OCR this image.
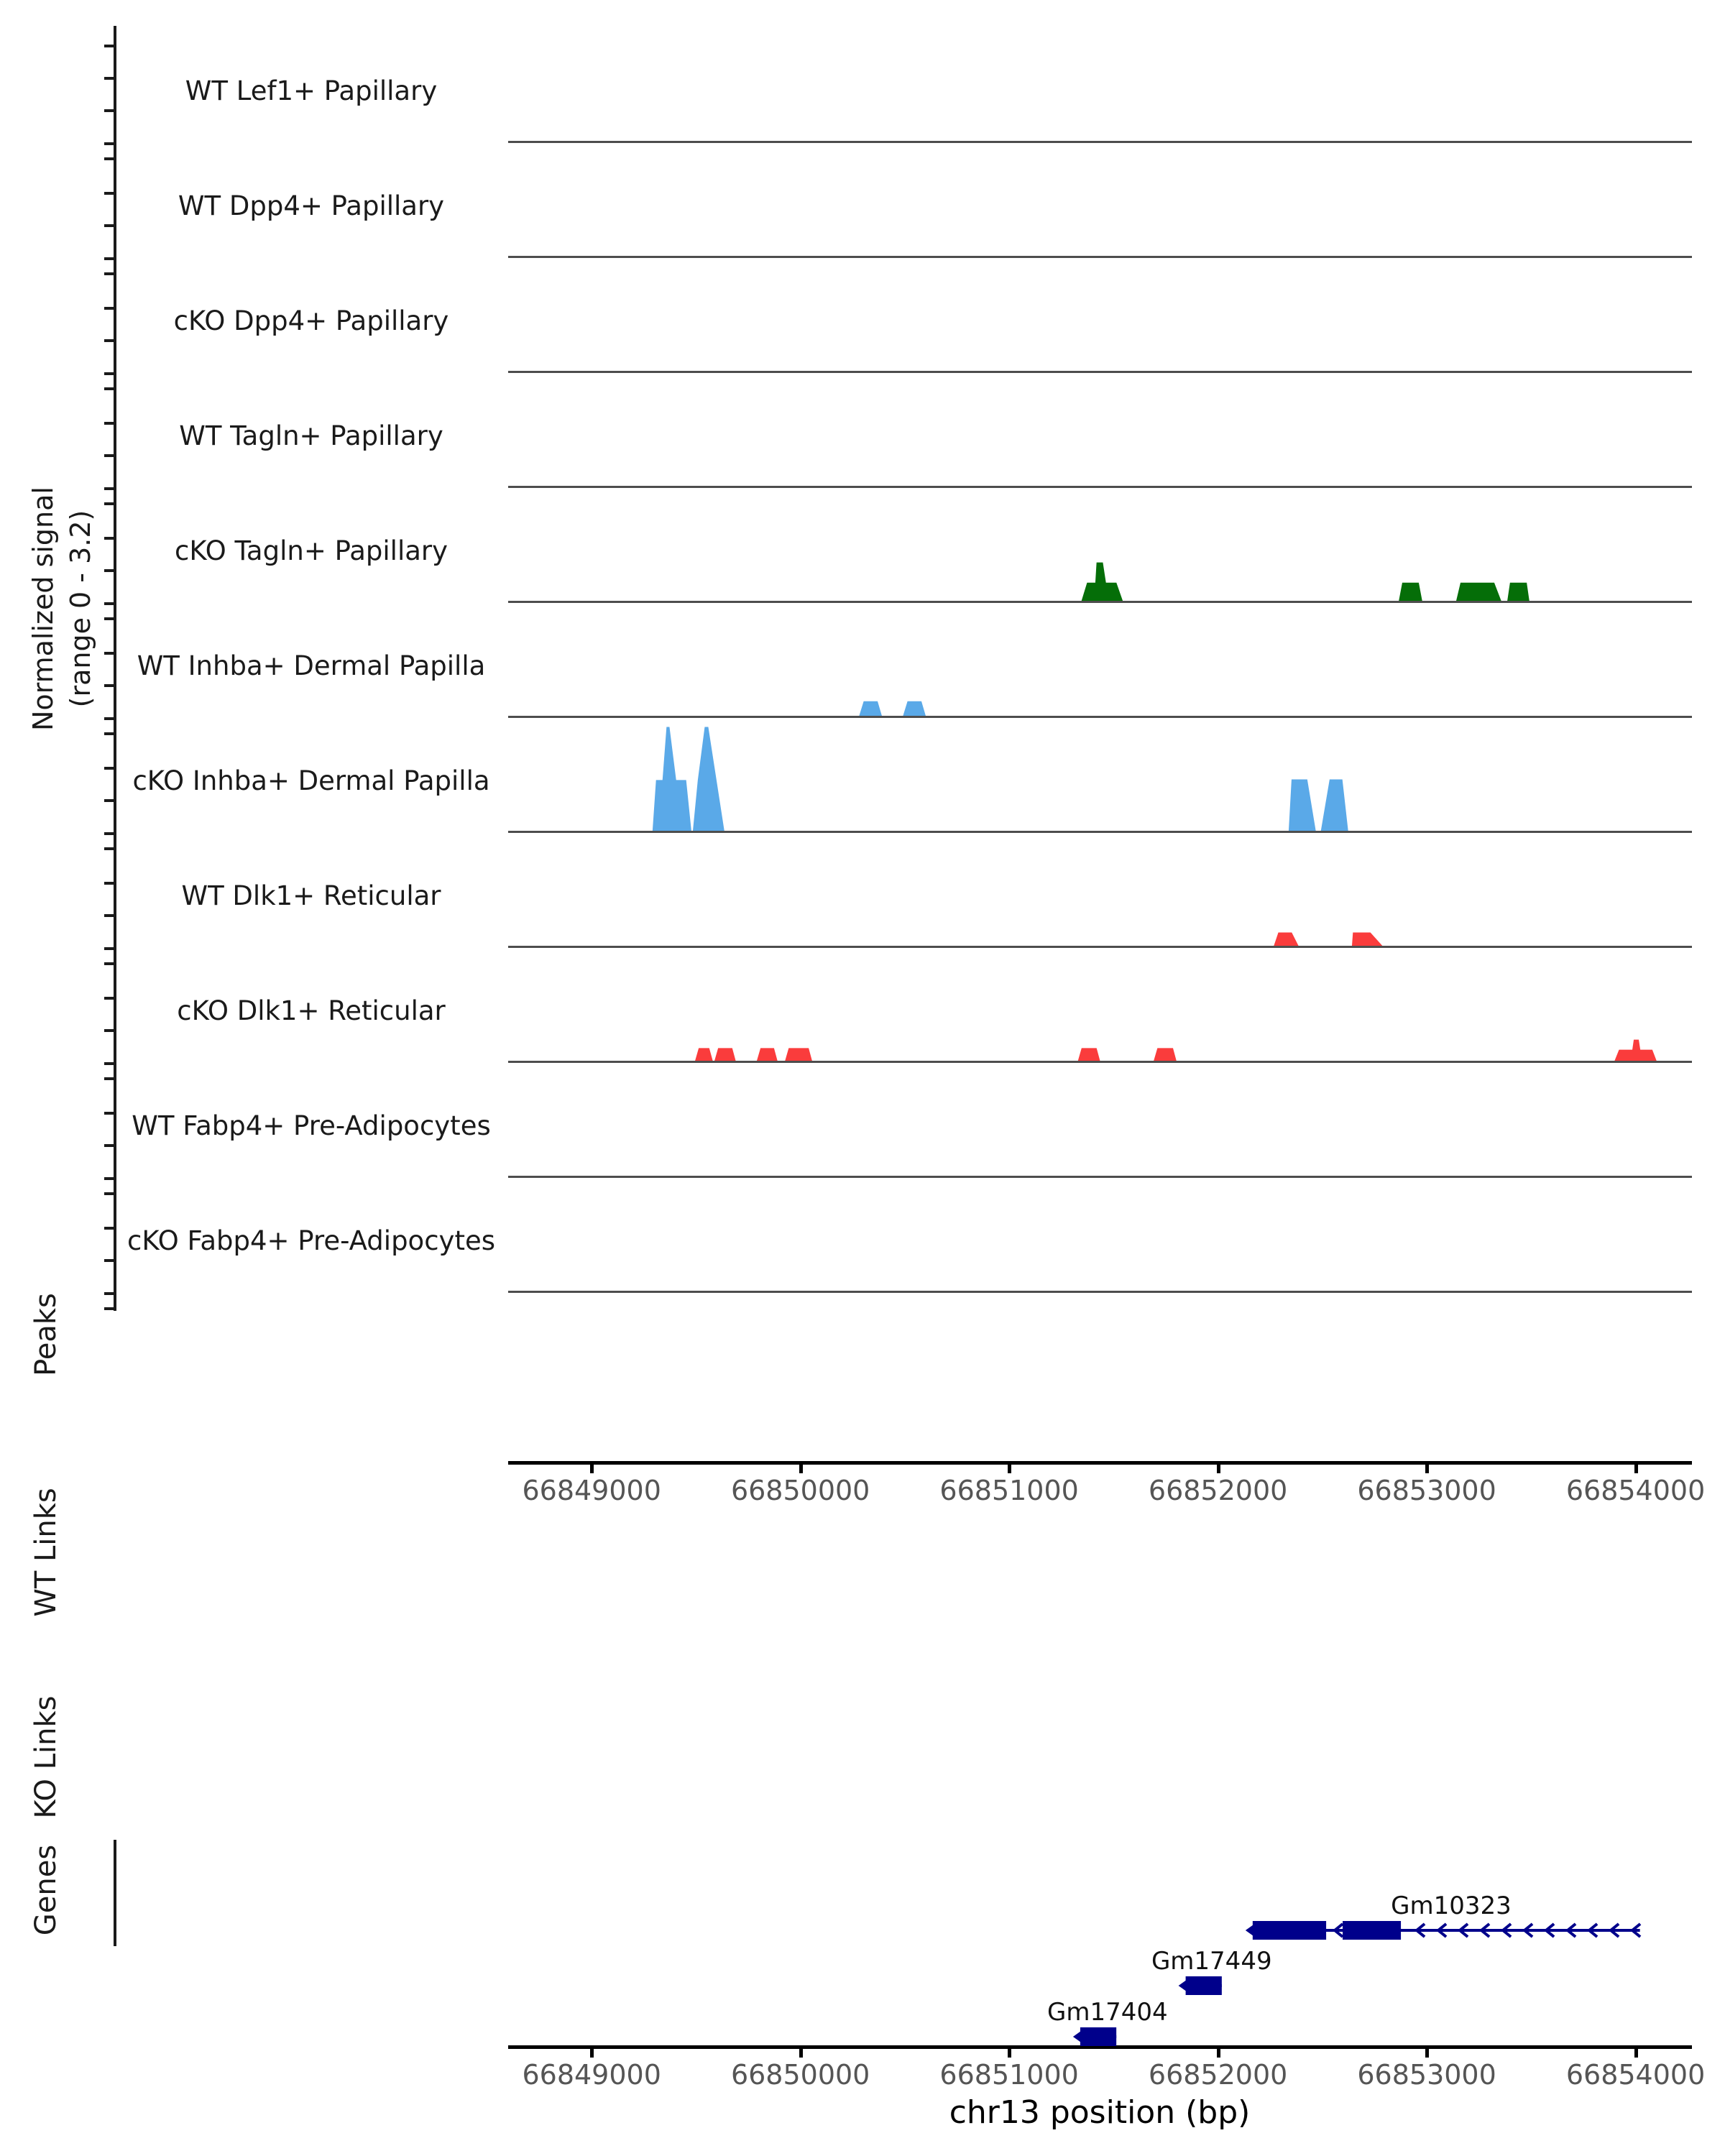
Normalized signal (range 0 - 3.2)
Peaks
WT Links
KO Links
Genes
WT Lef1+ Papillary
WT Dpp4+ Papillary
cKO Dpp4+ Papillary
WT Tagln+ Papillary
cKO Tagln+ Papillary
WT Inhba+ Dermal Papilla
cKO Inhba+ Dermal Papilla
WT Dlk1+ Reticular
cKO Dlk1+ Reticular
WT Fabp4+ Pre-Adipocytes
cKO Fabp4+ Pre-Adipocytes
66849000	66850000	66851000	66852000	66853000	66854000
66849000	66850000	66851000	66852000	66853000	66854000
chr13 position (bp)
Gm10323
Gm17449
Gm17404
